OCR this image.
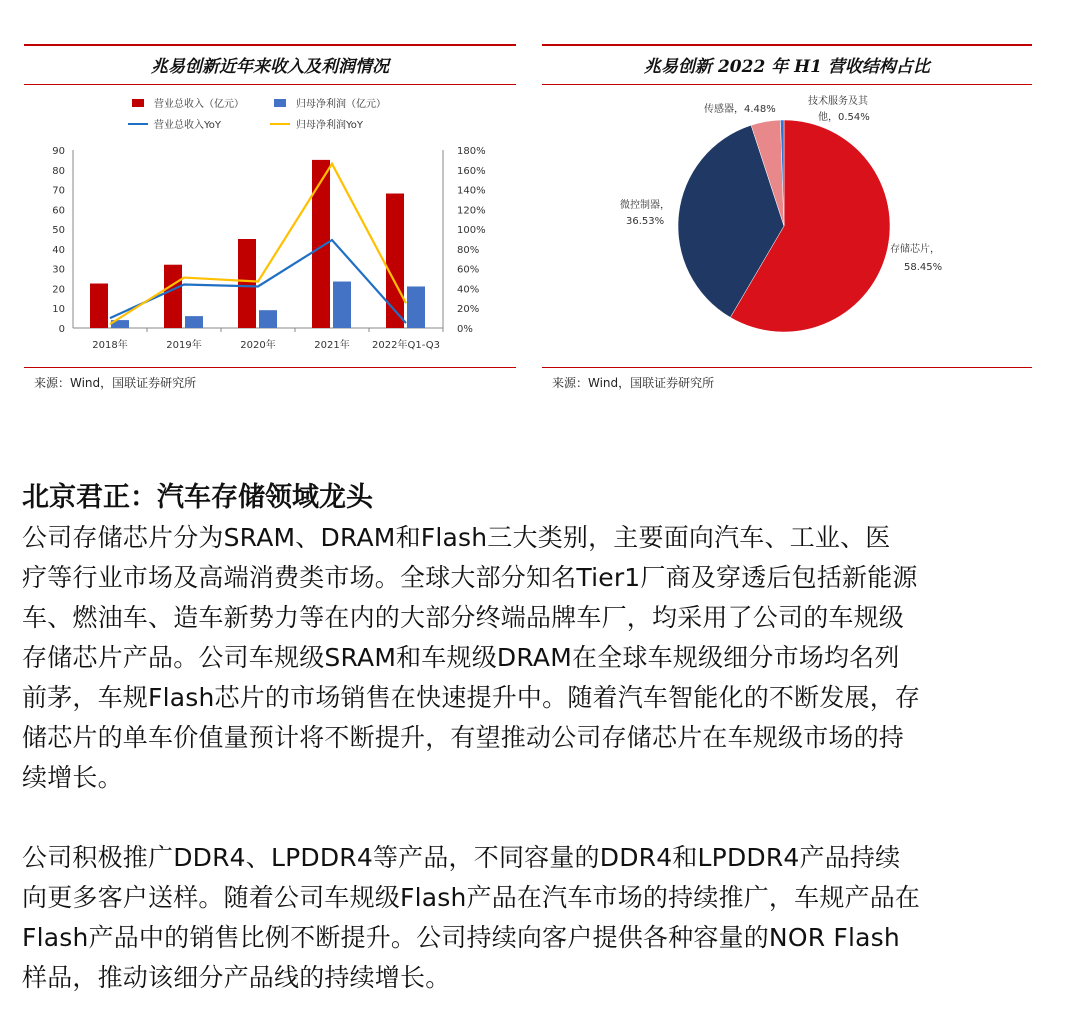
兆易创新近年来收入及利润情况
0
10
20
30
40
50
60
70
80
90
0%
20%
40%
60%
80%
100%
120%
140%
160%
180%
2018年	2019年	2020年	2021年 2022年Q1-Q3
营业总收入（亿元）	归母净利润（亿元）
营业总收入YoY	归母净利润YoY
来源：Wind，国联证券研究所
兆易创新 2022 年 H1 营收结构占比
存储芯片，
58.45%
微控制器，
36.53%
传感器，4.48%
技术服务及其
他，0.54%
来源：Wind，国联证券研究所

北京君正：汽车存储领域龙头

公司存储芯片分为SRAM、DRAM和Flash三大类别，主要面向汽车、工业、医

疗等行业市场及高端消费类市场。全球大部分知名Tier1厂商及穿透后包括新能源

车、燃油车、造车新势力等在内的大部分终端品牌车厂，均采用了公司的车规级

存储芯片产品。公司车规级SRAM和车规级DRAM在全球车规级细分市场均名列

前茅，车规Flash芯片的市场销售在快速提升中。随着汽车智能化的不断发展，存

储芯片的单车价值量预计将不断提升，有望推动公司存储芯片在车规级市场的持

续增长。

公司积极推广DDR4、LPDDR4等产品，不同容量的DDR4和LPDDR4产品持续

向更多客户送样。随着公司车规级Flash产品在汽车市场的持续推广，车规产品在

Flash产品中的销售比例不断提升。公司持续向客户提供各种容量的NOR Flash

样品，推动该细分产品线的持续增长。
